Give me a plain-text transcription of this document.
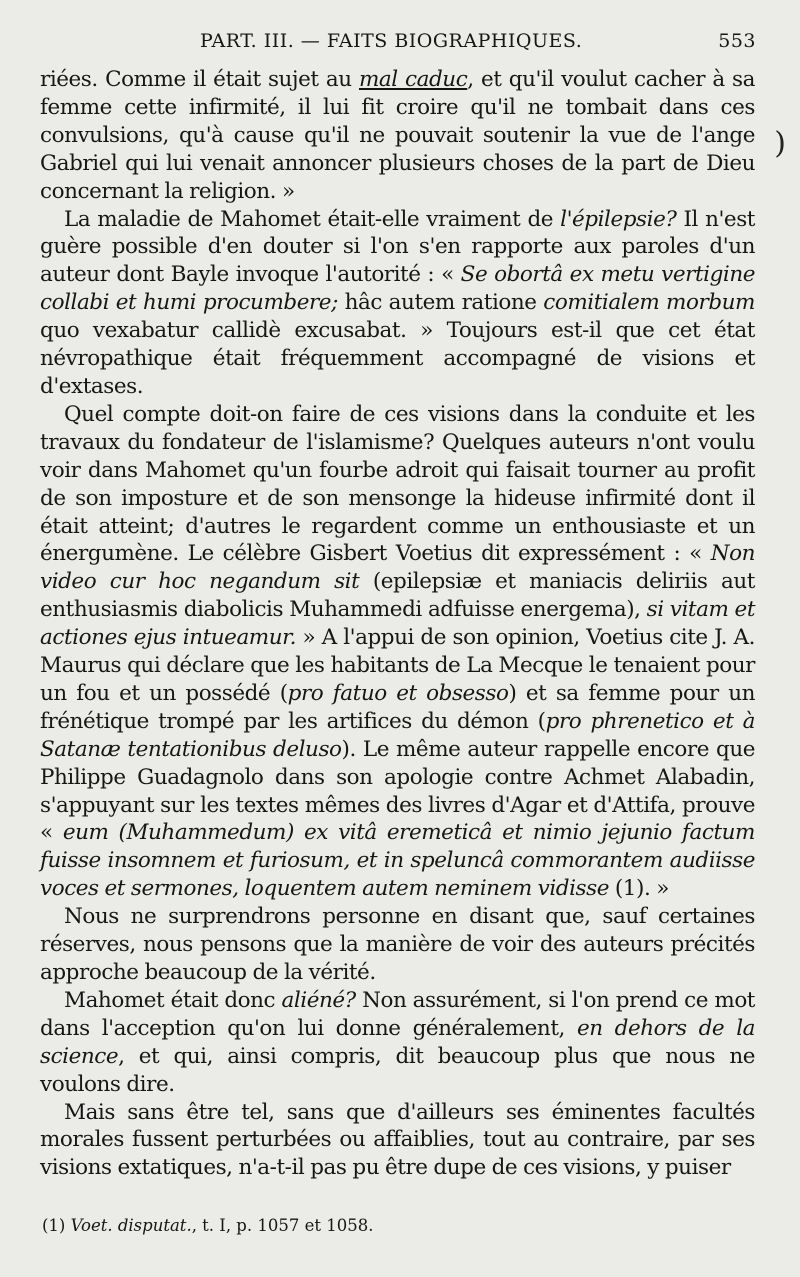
PART. III. — FAITS BIOGRAPHIQUES.	553

riées. Comme il était sujet au mal caduc, et qu'il voulut cacher à sa femme cette infirmité, il lui fit croire qu'il ne tombait dans ces convulsions, qu'à cause qu'il ne pouvait soutenir la vue de l'ange Gabriel qui lui venait annoncer plusieurs choses de la part de Dieu concernant la religion. »

La maladie de Mahomet était-elle vraiment de l'épilepsie? Il n'est guère possible d'en douter si l'on s'en rapporte aux paroles d'un auteur dont Bayle invoque l'autorité : « Se obortâ ex metu vertigine collabi et humi procumbere; hâc autem ratione comitialem morbum quo vexabatur callidè excusabat. » Toujours est-il que cet état névropathique était fréquemment accompagné de visions et d'extases.

Quel compte doit-on faire de ces visions dans la conduite et les travaux du fondateur de l'islamisme? Quelques auteurs n'ont voulu voir dans Mahomet qu'un fourbe adroit qui faisait tourner au profit de son imposture et de son mensonge la hideuse infirmité dont il était atteint; d'autres le regardent comme un enthousiaste et un énergumène. Le célèbre Gisbert Voetius dit expressément : « Non video cur hoc negandum sit (epilepsiæ et maniacis deliriis aut enthusiasmis diabolicis Muhammedi adfuisse energema), si vitam et actiones ejus intueamur. » A l'appui de son opinion, Voetius cite J. A. Maurus qui déclare que les habitants de La Mecque le tenaient pour un fou et un possédé (pro fatuo et obsesso) et sa femme pour un frénétique trompé par les artifices du démon (pro phrenetico et à Satanæ tentationibus deluso). Le même auteur rappelle encore que Philippe Guadagnolo dans son apologie contre Achmet Alabadin, s'appuyant sur les textes mêmes des livres d'Agar et d'Attifa, prouve « eum (Muhammedum) ex vitâ eremeticâ et nimio jejunio factum fuisse insomnem et furiosum, et in speluncâ commorantem audiisse voces et sermones, loquentem autem neminem vidisse (1). »

Nous ne surprendrons personne en disant que, sauf certaines réserves, nous pensons que la manière de voir des auteurs précités approche beaucoup de la vérité.

Mahomet était donc aliéné? Non assurément, si l'on prend ce mot dans l'acception qu'on lui donne généralement, en dehors de la science, et qui, ainsi compris, dit beaucoup plus que nous ne voulons dire.

Mais sans être tel, sans que d'ailleurs ses éminentes facultés morales fussent perturbées ou affaiblies, tout au contraire, par ses visions extatiques, n'a-t-il pas pu être dupe de ces visions, y puiser

)
(1) Voet. disputat., t. I, p. 1057 et 1058.
